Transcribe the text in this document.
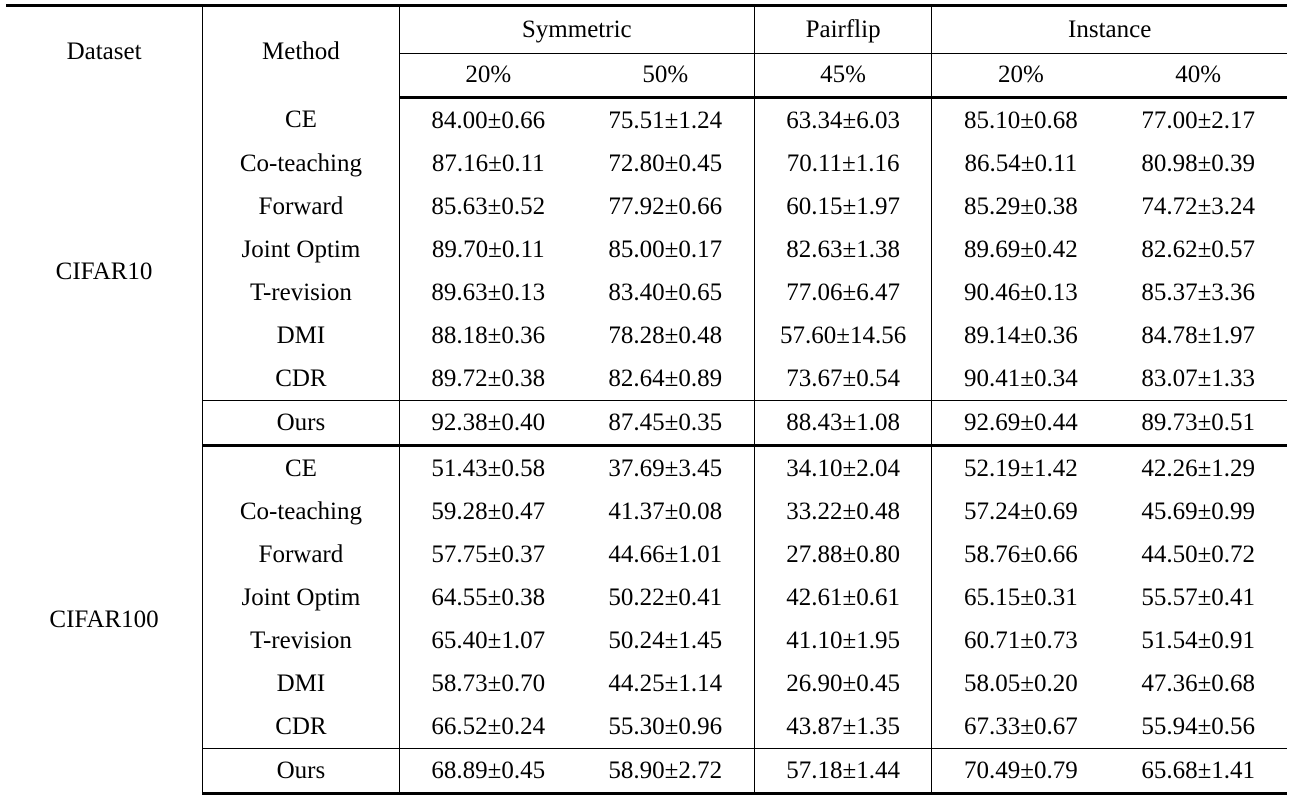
Dataset	Method	Symmetric		Pairflip	Instance	
		20%	50%	45%	20%	40%
CIFAR10	CE	84.00±0.66	75.51±1.24	63.34±6.03	85.10±0.68	77.00±2.17
	Co-teaching	87.16±0.11	72.80±0.45	70.11±1.16	86.54±0.11	80.98±0.39
	Forward	85.63±0.52	77.92±0.66	60.15±1.97	85.29±0.38	74.72±3.24
	Joint Optim	89.70±0.11	85.00±0.17	82.63±1.38	89.69±0.42	82.62±0.57
	T-revision	89.63±0.13	83.40±0.65	77.06±6.47	90.46±0.13	85.37±3.36
	DMI	88.18±0.36	78.28±0.48	57.60±14.56	89.14±0.36	84.78±1.97
	CDR	89.72±0.38	82.64±0.89	73.67±0.54	90.41±0.34	83.07±1.33
	Ours	92.38±0.40	87.45±0.35	88.43±1.08	92.69±0.44	89.73±0.51
CIFAR100	CE	51.43±0.58	37.69±3.45	34.10±2.04	52.19±1.42	42.26±1.29
	Co-teaching	59.28±0.47	41.37±0.08	33.22±0.48	57.24±0.69	45.69±0.99
	Forward	57.75±0.37	44.66±1.01	27.88±0.80	58.76±0.66	44.50±0.72
	Joint Optim	64.55±0.38	50.22±0.41	42.61±0.61	65.15±0.31	55.57±0.41
	T-revision	65.40±1.07	50.24±1.45	41.10±1.95	60.71±0.73	51.54±0.91
	DMI	58.73±0.70	44.25±1.14	26.90±0.45	58.05±0.20	47.36±0.68
	CDR	66.52±0.24	55.30±0.96	43.87±1.35	67.33±0.67	55.94±0.56
	Ours	68.89±0.45	58.90±2.72	57.18±1.44	70.49±0.79	65.68±1.41
